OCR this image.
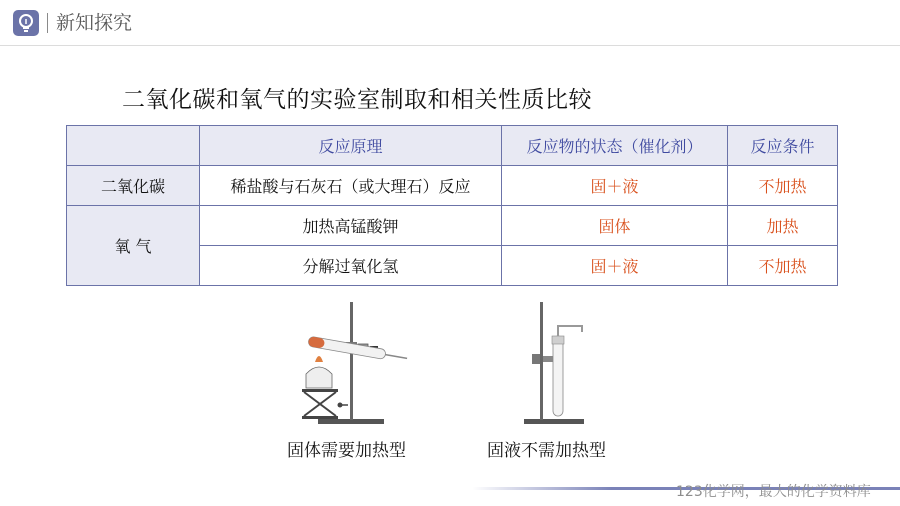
新知探究
二氧化碳和氧气的实验室制取和相关性质比较
	反应原理	反应物的状态（催化剂）	反应条件
二氧化碳	稀盐酸与石灰石（或大理石）反应	固＋液	不加热
氧 气	加热高锰酸钾	固体	加热
	分解过氧化氢	固＋液	不加热
固体需要加热型	固液不需加热型
123化学网，最大的化学资料库
